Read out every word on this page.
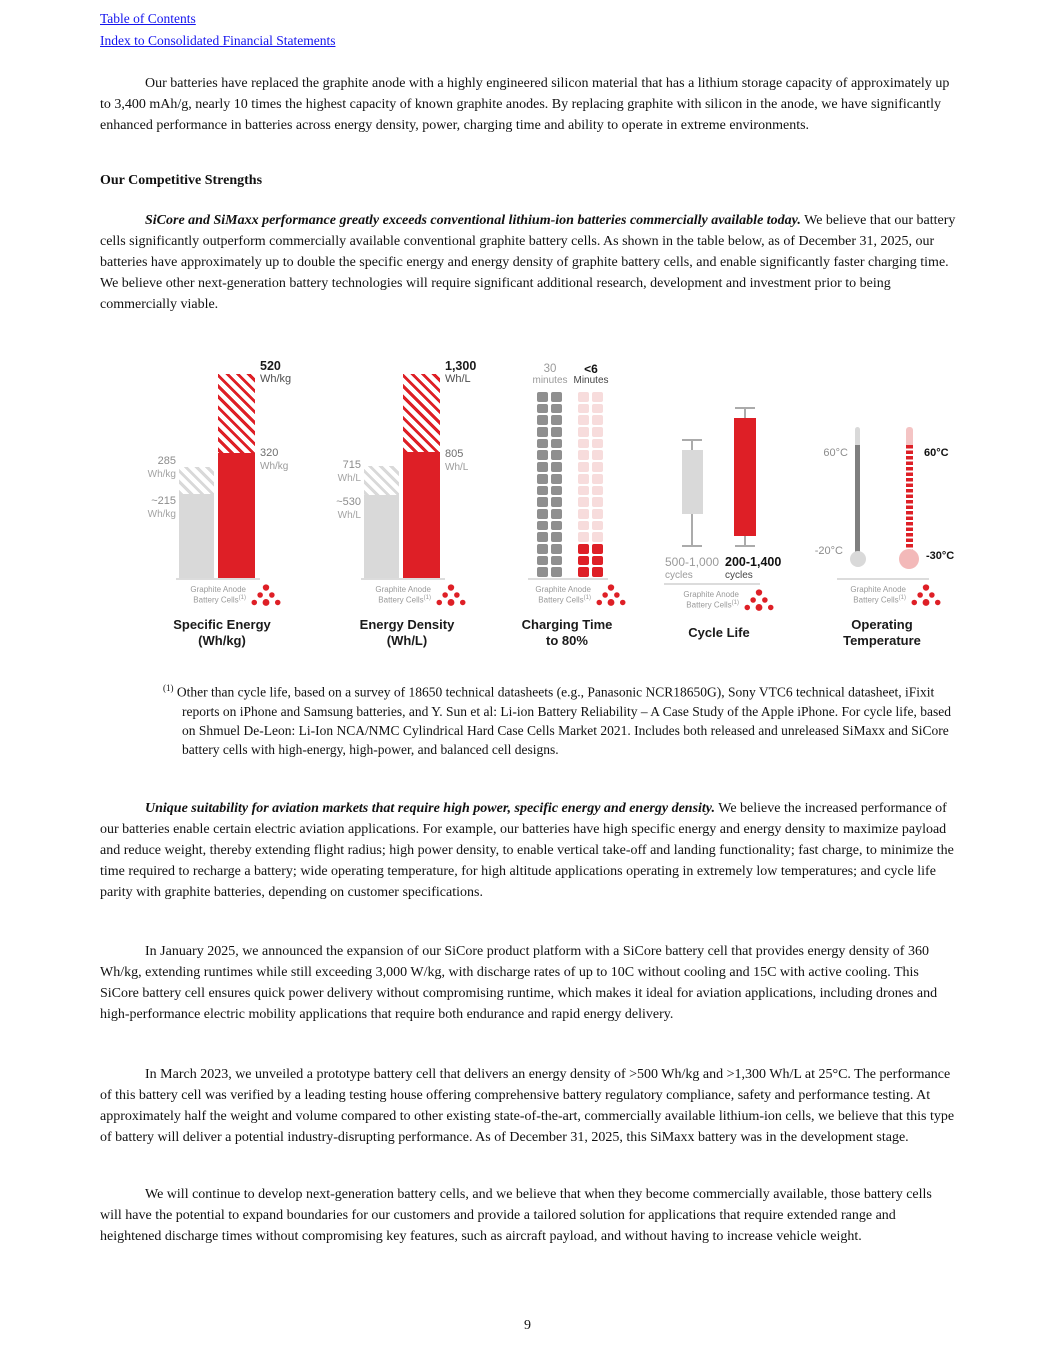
Table of Contents
Index to Consolidated Financial Statements

Our batteries have replaced the graphite anode with a highly engineered silicon material that has a lithium storage capacity of approximately up to 3,400 mAh/g, nearly 10 times the highest capacity of known graphite anodes. By replacing graphite with silicon in the anode, we have significantly enhanced performance in batteries across energy density, power, charging time and ability to operate in extreme environments.

Our Competitive Strengths

SiCore and SiMaxx performance greatly exceeds conventional lithium-ion batteries commercially available today. We believe that our battery cells significantly outperform commercially available conventional graphite battery cells. As shown in the table below, as of December 31, 2025, our batteries have approximately up to double the specific energy and energy density of graphite battery cells, and enable significantly faster charging time. We believe other next-generation battery technologies will require significant additional research, development and investment prior to being commercially viable.

285
Wh/kg
~215
Wh/kg
320
Wh/kg
520
Wh/kg
Graphite Anode
Battery Cells$^{(1)}$
Specific Energy
(Wh/kg)
715
Wh/L
~530
Wh/L
805
Wh/L
1,300
Wh/L
Graphite Anode
Battery Cells$^{(1)}$
Energy Density
(Wh/L)
30
minutes
<6
Minutes
Graphite Anode
Battery Cells$^{(1)}$
Charging Time
to 80%
500-1,000
cycles
200-1,400
cycles
Graphite Anode
Battery Cells$^{(1)}$
Cycle Life
60°C
-20°C
60°C
-30°C
Graphite Anode
Battery Cells$^{(1)}$
Operating
Temperature
$^{(1)}$ Other than cycle life, based on a survey of 18650 technical datasheets (e.g., Panasonic NCR18650G), Sony VTC6 technical datasheet, iFixit reports on iPhone and Samsung batteries, and Y. Sun et al: Li-ion Battery Reliability – A Case Study of the Apple iPhone. For cycle life, based on Shmuel De-Leon: Li-Ion NCA/NMC Cylindrical Hard Case Cells Market 2021. Includes both released and unreleased SiMaxx and SiCore battery cells with high-energy, high-power, and balanced cell designs.

Unique suitability for aviation markets that require high power, specific energy and energy density. We believe the increased performance of our batteries enable certain electric aviation applications. For example, our batteries have high specific energy and energy density to maximize payload and reduce weight, thereby extending flight radius; high power density, to enable vertical take-off and landing functionality; fast charge, to minimize the time required to recharge a battery; wide operating temperature, for high altitude applications operating in extremely low temperatures; and cycle life parity with graphite batteries, depending on customer specifications.

In January 2025, we announced the expansion of our SiCore product platform with a SiCore battery cell that provides energy density of 360 Wh/kg, extending runtimes while still exceeding 3,000 W/kg, with discharge rates of up to 10C without cooling and 15C with active cooling. This SiCore battery cell ensures quick power delivery without compromising runtime, which makes it ideal for aviation applications, including drones and high-performance electric mobility applications that require both endurance and rapid energy delivery.

In March 2023, we unveiled a prototype battery cell that delivers an energy density of >500 Wh/kg and >1,300 Wh/L at 25°C. The performance of this battery cell was verified by a leading testing house offering comprehensive battery regulatory compliance, safety and performance testing. At approximately half the weight and volume compared to other existing state-of-the-art, commercially available lithium-ion cells, we believe that this type of battery will deliver a potential industry-disrupting performance. As of December 31, 2025, this SiMaxx battery was in the development stage.

We will continue to develop next-generation battery cells, and we believe that when they become commercially available, those battery cells will have the potential to expand boundaries for our customers and provide a tailored solution for applications that require extended range and heightened discharge times without compromising key features, such as aircraft payload, and without having to increase vehicle weight.

9
